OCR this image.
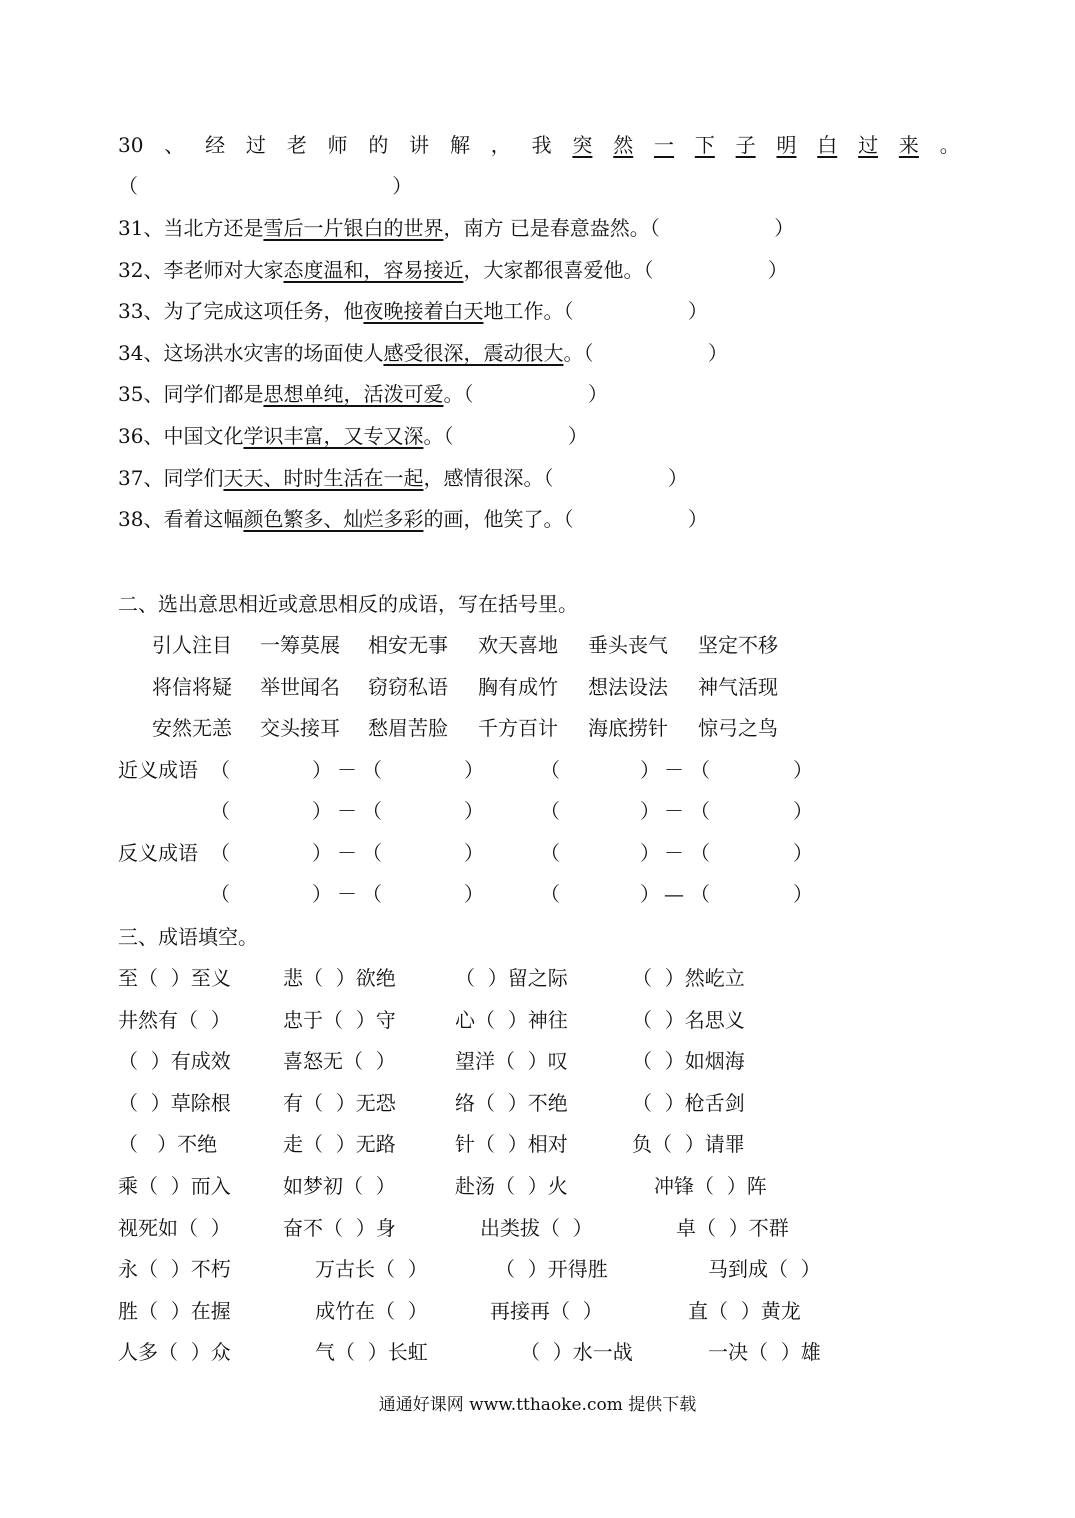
30 、 经 过 老 师 的 讲 解 ， 我 突 然 一 下 子 明 白 过 来 。
（                                        ）
31、当北方还是雪后一片银白的世界，南方 已是春意盎然。（                  ）
32、李老师对大家态度温和，容易接近，大家都很喜爱他。（                  ）
33、为了完成这项任务，他夜晚接着白天地工作。（                  ）
34、这场洪水灾害的场面使人感受很深，震动很大。（                  ）
35、同学们都是思想单纯，活泼可爱。（                  ）
36、中国文化学识丰富，又专又深。（                  ）
37、同学们天天、时时生活在一起，感情很深。（                  ）
38、看着这幅颜色繁多、灿烂多彩的画，他笑了。（                  ）
二、选出意思相近或意思相反的成语，写在括号里。
引人注目 一筹莫展 相安无事 欢天喜地 垂头丧气 坚定不移
将信将疑 举世闻名 窃窃私语 胸有成竹 想法设法 神气活现
安然无恙 交头接耳 愁眉苦脸 千方百计 海底捞针 惊弓之鸟
近义成语 （	） － （	）	（	） － （	）
（	） － （	）	（	） － （	）
反义成语 （	） － （	）	（	） － （	）
（	） － （	）	（	） — （	）
三、成语填空。
至（  ）至义	悲（  ）欲绝	（  ）留之际	（  ）然屹立
井然有（  ）	忠于（  ）守	心（  ）神往	（  ）名思义
（  ）有成效	喜怒无（  ）	望洋（  ）叹	（  ）如烟海
（  ）草除根	有（  ）无恐	络（  ）不绝	（  ）枪舌剑
（   ）不绝	走（  ）无路	针（  ）相对	负（  ）请罪
乘（  ）而入	如梦初（  ）	赴汤（  ）火	冲锋（  ）阵
视死如（  ）	奋不（  ）身	出类拔（  ）	卓（  ）不群
永（  ）不朽	万古长（  ）	（  ）开得胜	马到成（  ）
胜（  ）在握	成竹在（  ）	再接再（  ）	直（  ）黄龙
人多（  ）众	气（  ）长虹	（  ）水一战	一决（  ）雄
通通好课网 www.tthaoke.com 提供下载
